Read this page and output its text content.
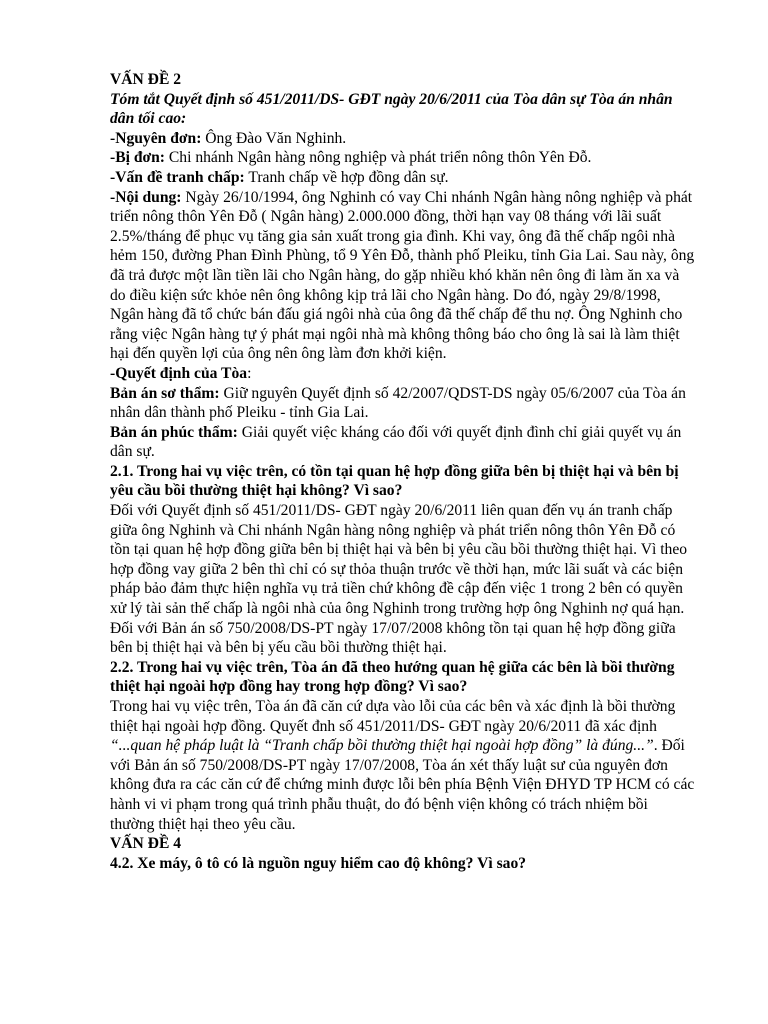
VẤN ĐỀ 2

Tóm tắt Quyết định số 451/2011/DS- GĐT ngày 20/6/2011 của Tòa dân sự Tòa án nhân dân tối cao:

-Nguyên đơn: Ông Đào Văn Nghinh.

-Bị đơn: Chi nhánh Ngân hàng nông nghiệp và phát triển nông thôn Yên Đỗ.

-Vấn đề tranh chấp: Tranh chấp về hợp đồng dân sự.

-Nội dung: Ngày 26/10/1994, ông Nghinh có vay Chi nhánh Ngân hàng nông nghiệp và phát triển nông thôn Yên Đỗ ( Ngân hàng) 2.000.000 đồng, thời hạn vay 08 tháng với lãi suất 2.5%/tháng để phục vụ tăng gia sản xuất trong gia đình. Khi vay, ông đã thế chấp ngôi nhà hẻm 150, đường Phan Đình Phùng, tổ 9 Yên Đỗ, thành phố Pleiku, tỉnh Gia Lai. Sau này, ông đã trả được một lần tiền lãi cho Ngân hàng, do gặp nhiều khó khăn nên ông đi làm ăn xa và do điều kiện sức khỏe nên ông không kịp trả lãi cho Ngân hàng. Do đó, ngày 29/8/1998, Ngân hàng đã tổ chức bán đấu giá ngôi nhà của ông đã thế chấp để thu nợ. Ông Nghinh cho rằng việc Ngân hàng tự ý phát mại ngôi nhà mà không thông báo cho ông là sai là làm thiệt hại đến quyền lợi của ông nên ông làm đơn khởi kiện.

-Quyết định của Tòa:

Bản án sơ thẩm: Giữ nguyên Quyết định số 42/2007/QDST-DS ngày 05/6/2007 của Tòa án nhân dân thành phố Pleiku - tỉnh Gia Lai.

Bản án phúc thẩm: Giải quyết việc kháng cáo đối với quyết định đình chỉ giải quyết vụ án dân sự.

2.1. Trong hai vụ việc trên, có tồn tại quan hệ hợp đồng giữa bên bị thiệt hại và bên bị yêu cầu bồi thường thiệt hại không? Vì sao?

Đối với Quyết định số 451/2011/DS- GĐT ngày 20/6/2011 liên quan đến vụ án tranh chấp giữa ông Nghinh và Chi nhánh Ngân hàng nông nghiệp và phát triển nông thôn Yên Đỗ có tồn tại quan hệ hợp đồng giữa bên bị thiệt hại và bên bị yêu cầu bồi thường thiệt hại. Vì theo hợp đồng vay giữa 2 bên thì chỉ có sự thỏa thuận trước về thời hạn, mức lãi suất và các biện pháp bảo đảm thực hiện nghĩa vụ trả tiền chứ không đề cập đến việc 1 trong 2 bên có quyền xử lý tài sản thế chấp là ngôi nhà của ông Nghinh trong trường hợp ông Nghinh nợ quá hạn.

Đối với Bản án số 750/2008/DS-PT ngày 17/07/2008 không tồn tại quan hệ hợp đồng giữa bên bị thiệt hại và bên bị yếu cầu bồi thường thiệt hại.

2.2. Trong hai vụ việc trên, Tòa án đã theo hướng quan hệ giữa các bên là bồi thường thiệt hại ngoài hợp đồng hay trong hợp đồng? Vì sao?

Trong hai vụ việc trên, Tòa án đã căn cứ dựa vào lỗi của các bên và xác định là bồi thường thiệt hại ngoài hợp đồng. Quyết đnh số 451/2011/DS- GĐT ngày 20/6/2011 đã xác định “...quan hệ pháp luật là “Tranh chấp bồi thường thiệt hại ngoài hợp đồng” là đúng...”. Đối với Bản án số 750/2008/DS-PT ngày 17/07/2008, Tòa án xét thấy luật sư của nguyên đơn không đưa ra các căn cứ để chứng minh được lỗi bên phía Bệnh Viện ĐHYD TP HCM có các hành vi vi phạm trong quá trình phẫu thuật, do đó bệnh viện không có trách nhiệm bồi thường thiệt hại theo yêu cầu.

VẤN ĐỀ 4

4.2. Xe máy, ô tô có là nguồn nguy hiểm cao độ không? Vì sao?
